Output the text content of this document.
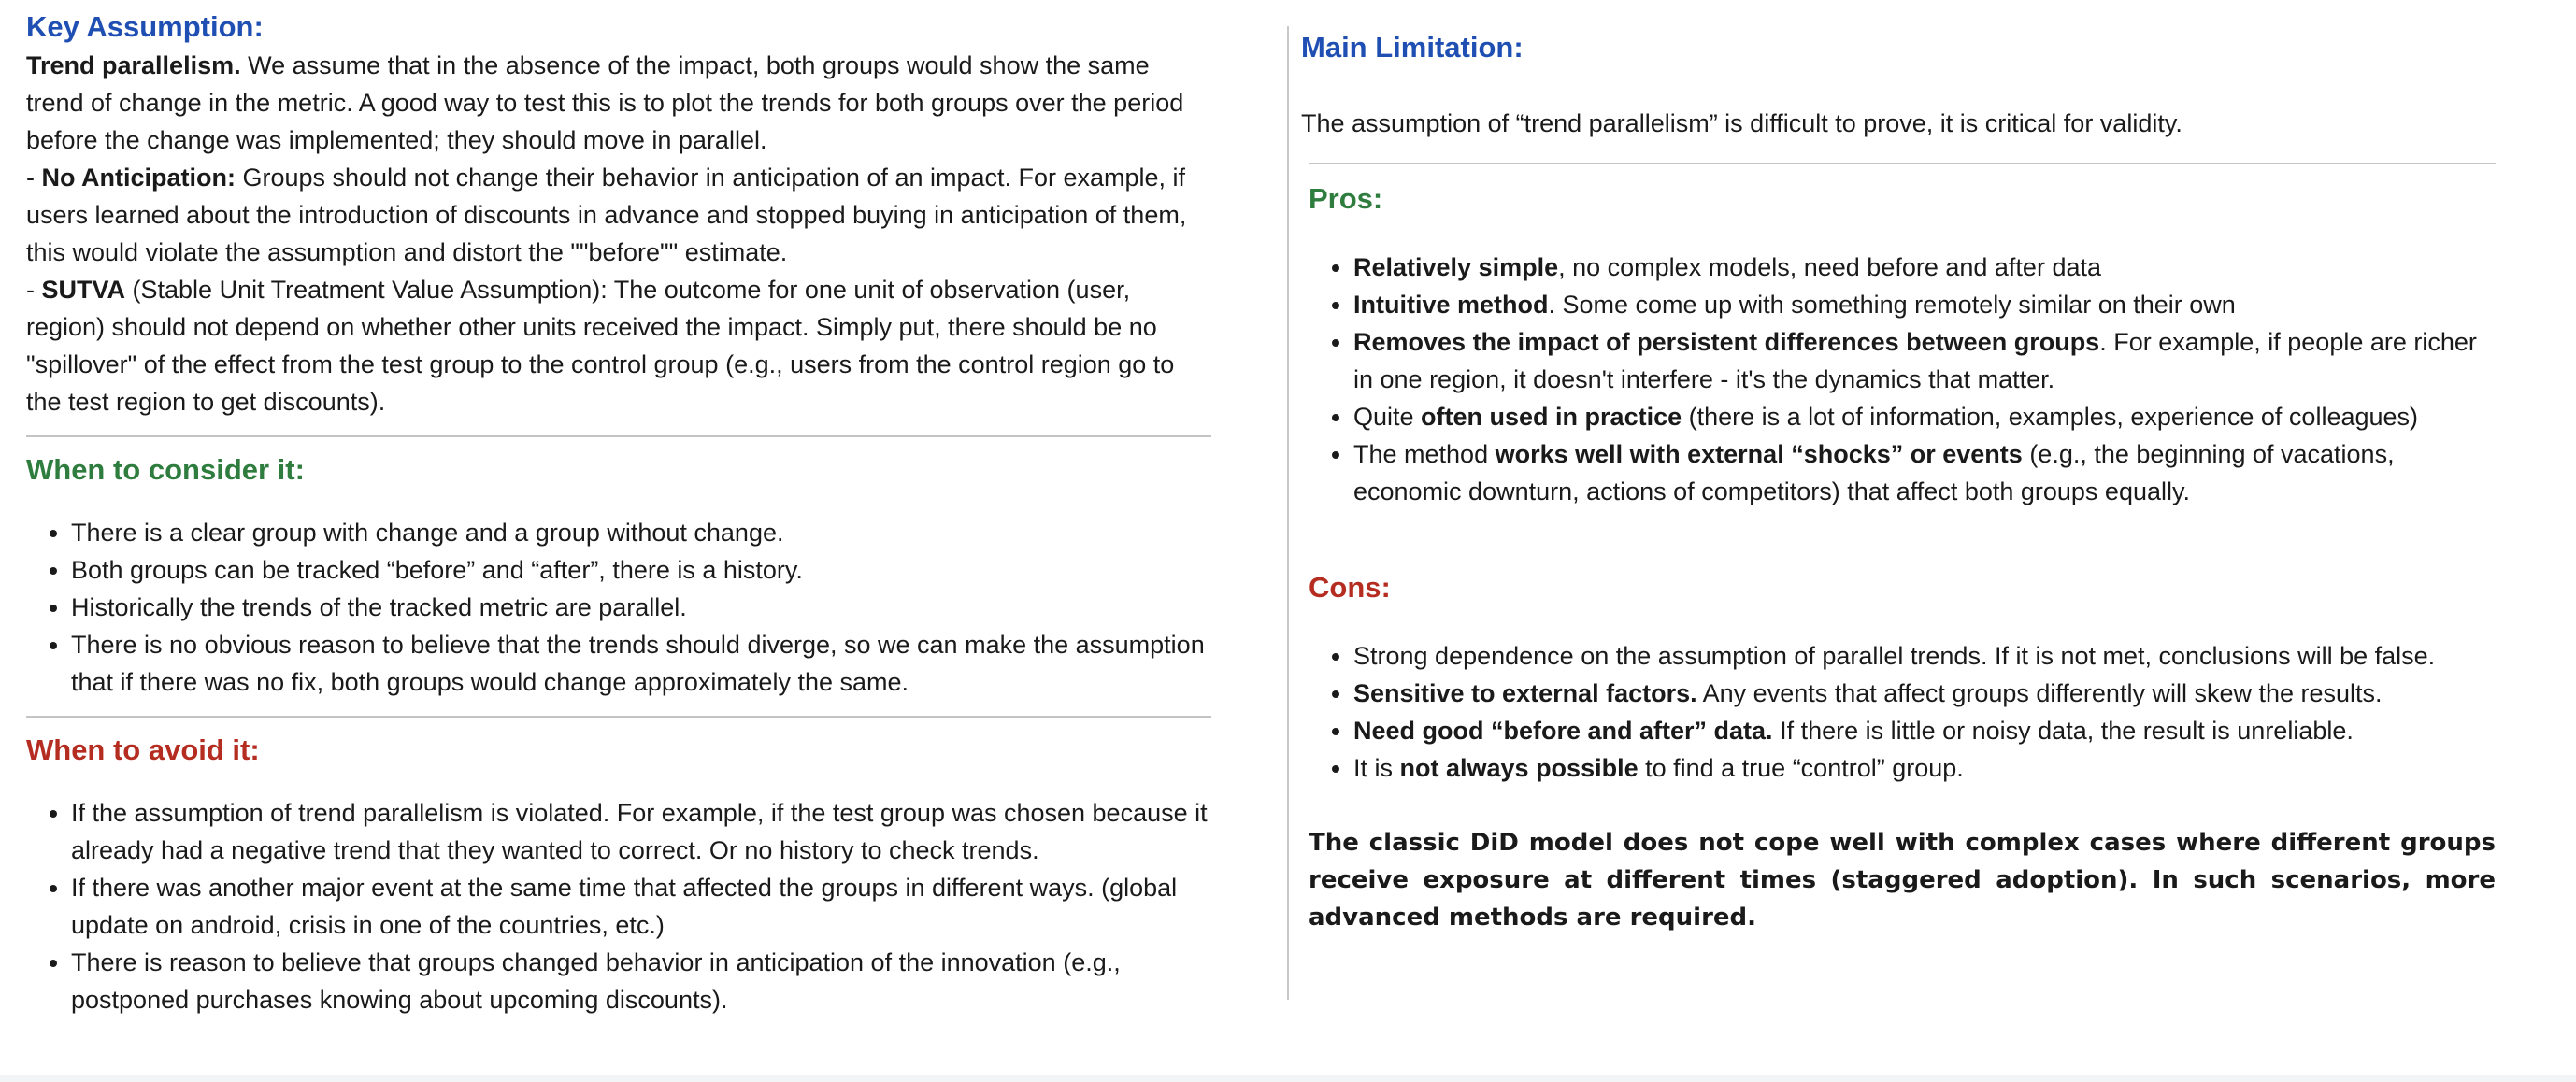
Key Assumption:

Trend parallelism. We assume that in the absence of the impact, both groups would show the same trend of change in the metric. A good way to test this is to plot the trends for both groups over the period before the change was implemented; they should move in parallel.

- No Anticipation: Groups should not change their behavior in anticipation of an impact. For example, if users learned about the introduction of discounts in advance and stopped buying in anticipation of them, this would violate the assumption and distort the ""before"" estimate.

- SUTVA (Stable Unit Treatment Value Assumption): The outcome for one unit of observation (user, region) should not depend on whether other units received the impact. Simply put, there should be no "spillover" of the effect from the test group to the control group (e.g., users from the control region go to the test region to get discounts).

When to consider it:
• There is a clear group with change and a group without change.
• Both groups can be tracked “before” and “after”, there is a history.
• Historically the trends of the tracked metric are parallel.
• There is no obvious reason to believe that the trends should diverge, so we can make the assumption that if there was no fix, both groups would change approximately the same.
When to avoid it:
• If the assumption of trend parallelism is violated. For example, if the test group was chosen because it already had a negative trend that they wanted to correct. Or no history to check trends.
• If there was another major event at the same time that affected the groups in different ways. (global update on android, crisis in one of the countries, etc.)
• There is reason to believe that groups changed behavior in anticipation of the innovation (e.g., postponed purchases knowing about upcoming discounts).
Main Limitation:

The assumption of “trend parallelism” is difficult to prove, it is critical for validity.

Pros:
• Relatively simple, no complex models, need before and after data
• Intuitive method. Some come up with something remotely similar on their own
• Removes the impact of persistent differences between groups. For example, if people are richer in one region, it doesn't interfere - it's the dynamics that matter.
• Quite often used in practice (there is a lot of information, examples, experience of colleagues)
• The method works well with external “shocks” or events (e.g., the beginning of vacations, economic downturn, actions of competitors) that affect both groups equally.
Cons:
• Strong dependence on the assumption of parallel trends. If it is not met, conclusions will be false.
• Sensitive to external factors. Any events that affect groups differently will skew the results.
• Need good “before and after” data. If there is little or noisy data, the result is unreliable.
• It is not always possible to find a true “control” group.

The classic DiD model does not cope well with complex cases where different groups receive exposure at different times (staggered adoption). In such scenarios, more advanced methods are required.
